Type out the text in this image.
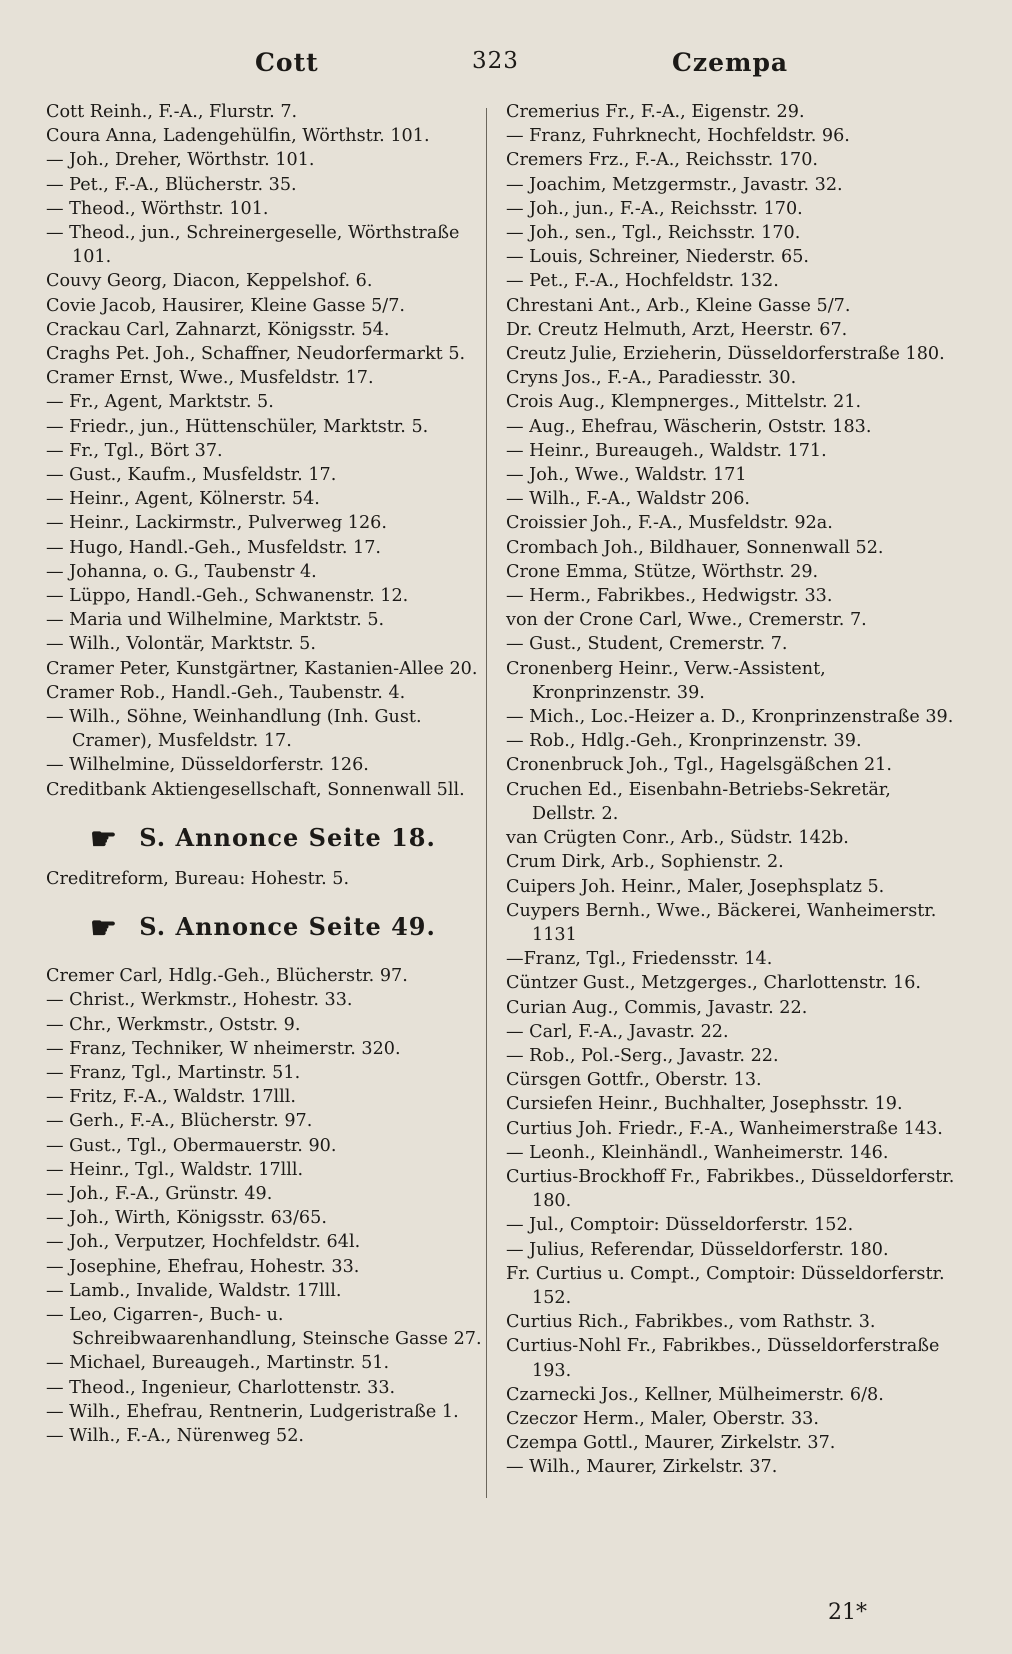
Cott	323	Czempa
Cott Reinh., F.-A., Flurstr. 7.
Coura Anna, Ladengehülfin, Wörthstr. 101.
— Joh., Dreher, Wörthstr. 101.
— Pet., F.-A., Blücherstr. 35.
— Theod., Wörthstr. 101.
— Theod., jun., Schreinergeselle, Wörthstraße 101.
Couvy Georg, Diacon, Keppelshof. 6.
Covie Jacob, Hausirer, Kleine Gasse 5/7.
Crackau Carl, Zahnarzt, Königsstr. 54.
Craghs Pet. Joh., Schaffner, Neudorfermarkt 5.
Cramer Ernst, Wwe., Musfeldstr. 17.
— Fr., Agent, Marktstr. 5.
— Friedr., jun., Hüttenschüler, Marktstr. 5.
— Fr., Tgl., Bört 37.
— Gust., Kaufm., Musfeldstr. 17.
— Heinr., Agent, Kölnerstr. 54.
— Heinr., Lackirmstr., Pulverweg 126.
— Hugo, Handl.-Geh., Musfeldstr. 17.
— Johanna, o. G., Taubenstr 4.
— Lüppo, Handl.-Geh., Schwanenstr. 12.
— Maria und Wilhelmine, Marktstr. 5.
— Wilh., Volontär, Marktstr. 5.
Cramer Peter, Kunstgärtner, Kastanien-Allee 20.
Cramer Rob., Handl.-Geh., Taubenstr. 4.
— Wilh., Söhne, Weinhandlung (Inh. Gust. Cramer), Musfeldstr. 17.
— Wilhelmine, Düsseldorferstr. 126.
Creditbank Aktiengesellschaft, Sonnenwall 5ll.
☛ S. Annonce Seite 18.
Creditreform, Bureau: Hohestr. 5.
☛ S. Annonce Seite 49.
Cremer Carl, Hdlg.-Geh., Blücherstr. 97.
— Christ., Werkmstr., Hohestr. 33.
— Chr., Werkmstr., Oststr. 9.
— Franz, Techniker, W nheimerstr. 320.
— Franz, Tgl., Martinstr. 51.
— Fritz, F.-A., Waldstr. 17lll.
— Gerh., F.-A., Blücherstr. 97.
— Gust., Tgl., Obermauerstr. 90.
— Heinr., Tgl., Waldstr. 17lll.
— Joh., F.-A., Grünstr. 49.
— Joh., Wirth, Königsstr. 63/65.
— Joh., Verputzer, Hochfeldstr. 64l.
— Josephine, Ehefrau, Hohestr. 33.
— Lamb., Invalide, Waldstr. 17lll.
— Leo, Cigarren-, Buch- u. Schreibwaarenhandlung, Steinsche Gasse 27.
— Michael, Bureaugeh., Martinstr. 51.
— Theod., Ingenieur, Charlottenstr. 33.
— Wilh., Ehefrau, Rentnerin, Ludgeristraße 1.
— Wilh., F.-A., Nürenweg 52.
Cremerius Fr., F.-A., Eigenstr. 29.
— Franz, Fuhrknecht, Hochfeldstr. 96.
Cremers Frz., F.-A., Reichsstr. 170.
— Joachim, Metzgermstr., Javastr. 32.
— Joh., jun., F.-A., Reichsstr. 170.
— Joh., sen., Tgl., Reichsstr. 170.
— Louis, Schreiner, Niederstr. 65.
— Pet., F.-A., Hochfeldstr. 132.
Chrestani Ant., Arb., Kleine Gasse 5/7.
Dr. Creutz Helmuth, Arzt, Heerstr. 67.
Creutz Julie, Erzieherin, Düsseldorferstraße 180.
Cryns Jos., F.-A., Paradiesstr. 30.
Crois Aug., Klempnerges., Mittelstr. 21.
— Aug., Ehefrau, Wäscherin, Oststr. 183.
— Heinr., Bureaugeh., Waldstr. 171.
— Joh., Wwe., Waldstr. 171
— Wilh., F.-A., Waldstr 206.
Croissier Joh., F.-A., Musfeldstr. 92a.
Crombach Joh., Bildhauer, Sonnenwall 52.
Crone Emma, Stütze, Wörthstr. 29.
— Herm., Fabrikbes., Hedwigstr. 33.
von der Crone Carl, Wwe., Cremerstr. 7.
— Gust., Student, Cremerstr. 7.
Cronenberg Heinr., Verw.-Assistent, Kronprinzenstr. 39.
— Mich., Loc.-Heizer a. D., Kronprinzenstraße 39.
— Rob., Hdlg.-Geh., Kronprinzenstr. 39.
Cronenbruck Joh., Tgl., Hagelsgäßchen 21.
Cruchen Ed., Eisenbahn-Betriebs-Sekretär, Dellstr. 2.
van Crügten Conr., Arb., Südstr. 142b.
Crum Dirk, Arb., Sophienstr. 2.
Cuipers Joh. Heinr., Maler, Josephsplatz 5.
Cuypers Bernh., Wwe., Bäckerei, Wanheimerstr. 1131
—Franz, Tgl., Friedensstr. 14.
Cüntzer Gust., Metzgerges., Charlottenstr. 16.
Curian Aug., Commis, Javastr. 22.
— Carl, F.-A., Javastr. 22.
— Rob., Pol.-Serg., Javastr. 22.
Cürsgen Gottfr., Oberstr. 13.
Cursiefen Heinr., Buchhalter, Josephsstr. 19.
Curtius Joh. Friedr., F.-A., Wanheimerstraße 143.
— Leonh., Kleinhändl., Wanheimerstr. 146.
Curtius-Brockhoff Fr., Fabrikbes., Düsseldorferstr. 180.
— Jul., Comptoir: Düsseldorferstr. 152.
— Julius, Referendar, Düsseldorferstr. 180.
Fr. Curtius u. Compt., Comptoir: Düsseldorferstr. 152.
Curtius Rich., Fabrikbes., vom Rathstr. 3.
Curtius-Nohl Fr., Fabrikbes., Düsseldorferstraße 193.
Czarnecki Jos., Kellner, Mülheimerstr. 6/8.
Czeczor Herm., Maler, Oberstr. 33.
Czempa Gottl., Maurer, Zirkelstr. 37.
— Wilh., Maurer, Zirkelstr. 37.
21*
